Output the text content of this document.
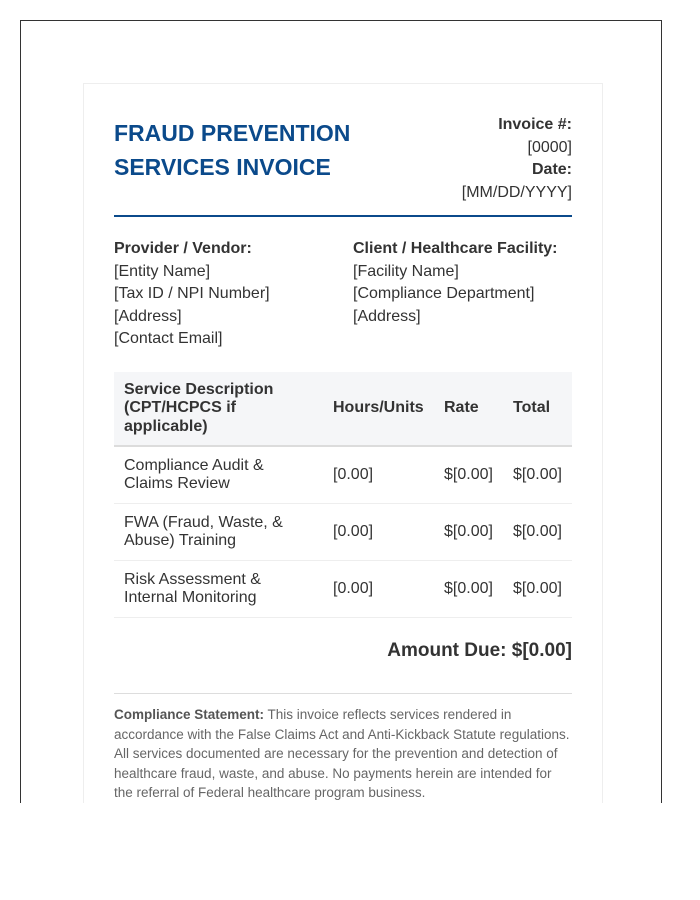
FRAUD PREVENTION SERVICES INVOICE
Invoice #:
[0000]
Date:
[MM/DD/YYYY]
Provider / Vendor:
[Entity Name]
[Tax ID / NPI Number]
[Address]
[Contact Email]
Client / Healthcare Facility:
[Facility Name]
[Compliance Department]
[Address]
Service Description (CPT/HCPCS if applicable)	Hours/Units	Rate	Total
Compliance Audit & Claims Review	[0.00]	$[0.00]	$[0.00]
FWA (Fraud, Waste, & Abuse) Training	[0.00]	$[0.00]	$[0.00]
Risk Assessment & Internal Monitoring	[0.00]	$[0.00]	$[0.00]
Amount Due: $[0.00]

Compliance Statement: This invoice reflects services rendered in accordance with the False Claims Act and Anti-Kickback Statute regulations. All services documented are necessary for the prevention and detection of healthcare fraud, waste, and abuse. No payments herein are intended for the referral of Federal healthcare program business.
